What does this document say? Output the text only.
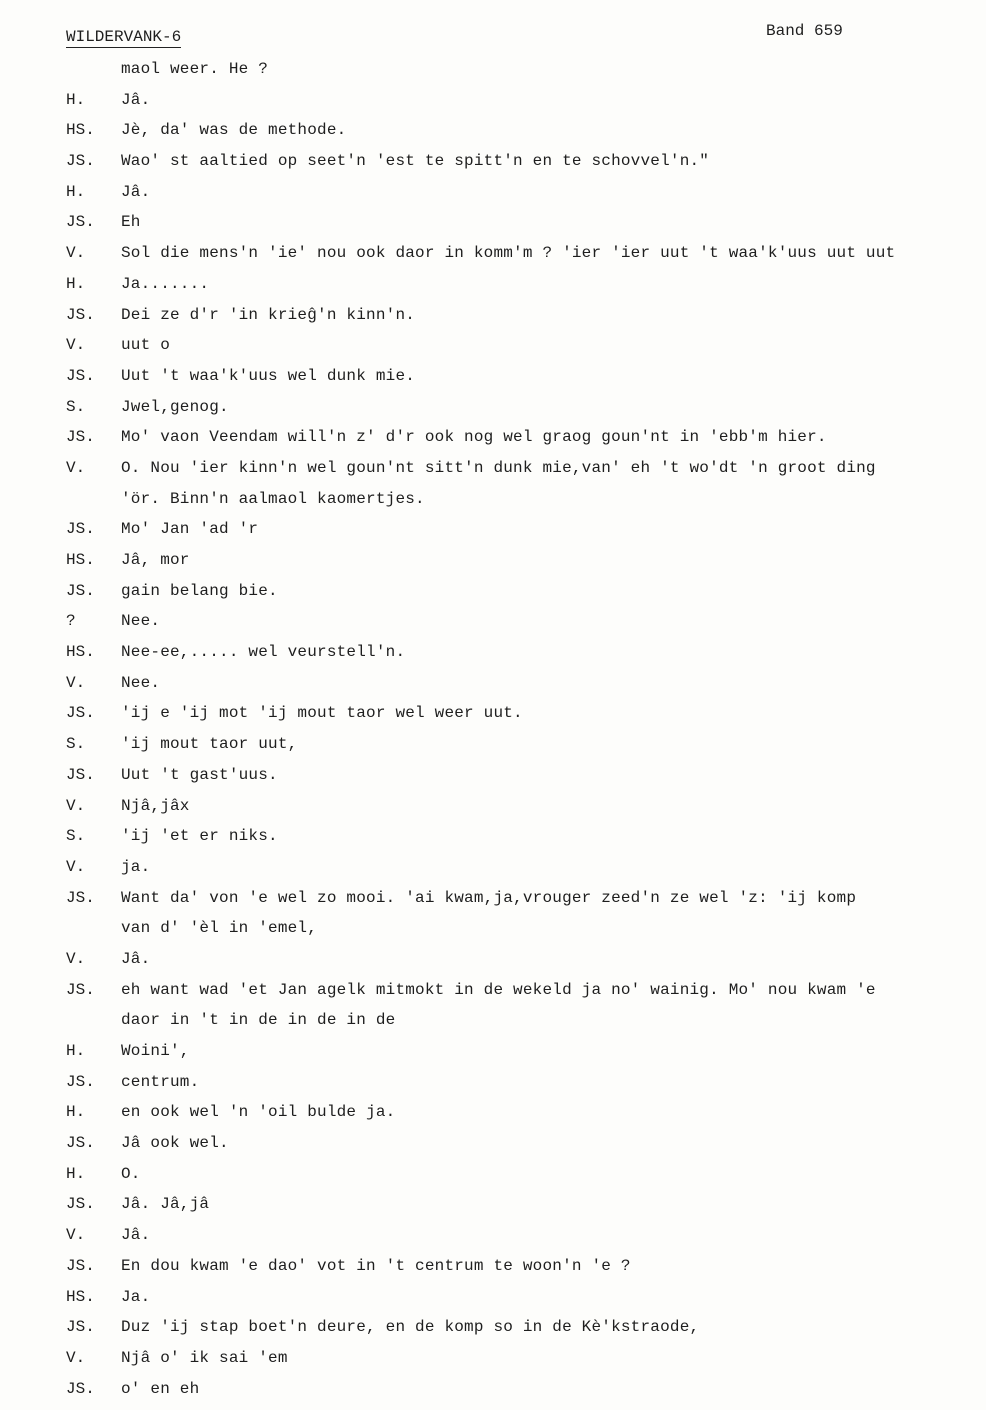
WILDERVANK-6	Band 659
maol weer. He ?
H. Jâ.
HS. Jè, da' was de methode.
JS. Wao' st aaltied op seet'n 'est te spitt'n en te schovvel'n."
H. Jâ.
JS. Eh
V. Sol die mens'n 'ie' nou ook daor in komm'm ? 'ier 'ier uut 't waa'k'uus uut uut
H. Ja.......
JS. Dei ze d'r 'in krieĝ'n kinn'n.
V. uut o
JS. Uut 't waa'k'uus wel dunk mie.
S. Jwel,genog.
JS. Mo' vaon Veendam will'n z' d'r ook nog wel graog goun'nt in 'ebb'm hier.
V. O. Nou 'ier kinn'n wel goun'nt sitt'n dunk mie,van' eh 't wo'dt 'n groot ding
'ör. Binn'n aalmaol kaomertjes.
JS. Mo' Jan 'ad 'r
HS. Jâ, mor
JS. gain belang bie.
?	Nee.
HS. Nee-ee,..... wel veurstell'n.
V. Nee.
JS. 'ij e 'ij mot 'ij mout taor wel weer uut.
S. 'ij mout taor uut,
JS. Uut 't gast'uus.
V. Njâ,jâx
S. 'ij 'et er niks.
V. ja.
JS. Want da' von 'e wel zo mooi. 'ai kwam,ja,vrouger zeed'n ze wel 'z: 'ij komp
van d' 'èl in 'emel,
V. Jâ.
JS. eh want wad 'et Jan agelk mitmokt in de wekeld ja no' wainig. Mo' nou kwam 'e
daor in 't in de in de in de
H. Woini',
JS. centrum.
H. en ook wel 'n 'oil bulde ja.
JS. Jâ ook wel.
H. O.
JS. Jâ. Jâ,jâ
V. Jâ.
JS. En dou kwam 'e dao' vot in 't centrum te woon'n 'e ?
HS. Ja.
JS. Duz 'ij stap boet'n deure, en de komp so in de Kè'kstraode,
V. Njâ o' ik sai 'em
JS. o' en eh
